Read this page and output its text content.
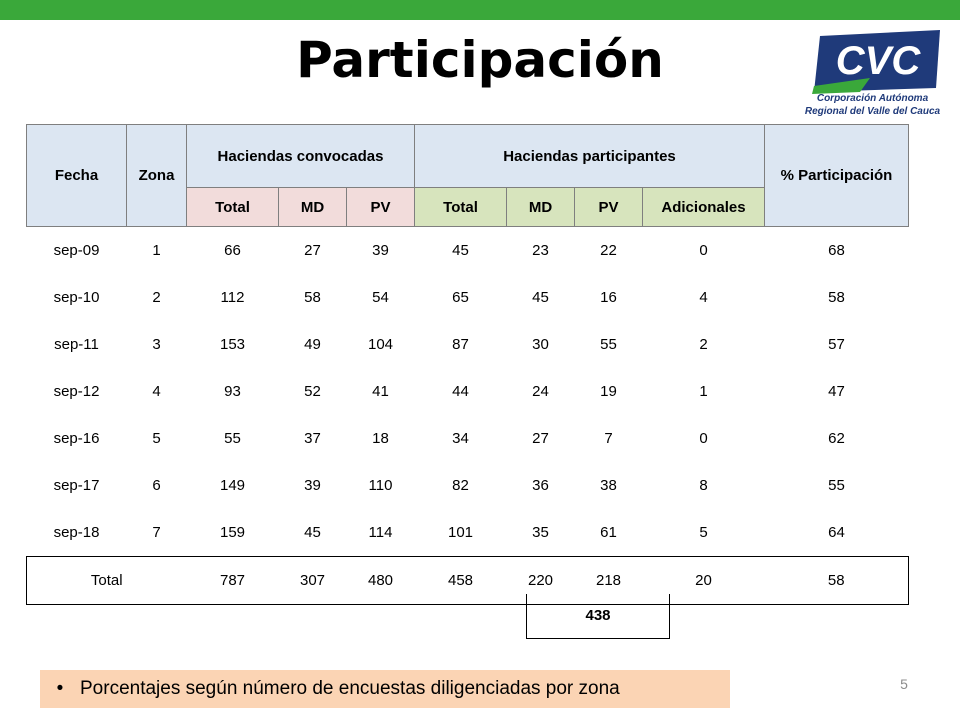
Participación	CVC
Corporación Autónoma
Regional del Valle del Cauca
Fecha	Zona	Haciendas convocadas			Haciendas participantes				% Participación
		Total	MD	PV	Total	MD	PV	Adicionales	
sep-09	1	66	27	39	45	23	22	0	68
sep-10	2	112	58	54	65	45	16	4	58
sep-11	3	153	49	104	87	30	55	2	57
sep-12	4	93	52	41	44	24	19	1	47
sep-16	5	55	37	18	34	27	7	0	62
sep-17	6	149	39	110	82	36	38	8	55
sep-18	7	159	45	114	101	35	61	5	64
Total		787	307	480	458	220	218	20	58
438
• Porcentajes según número de encuestas diligenciadas por zona	5
